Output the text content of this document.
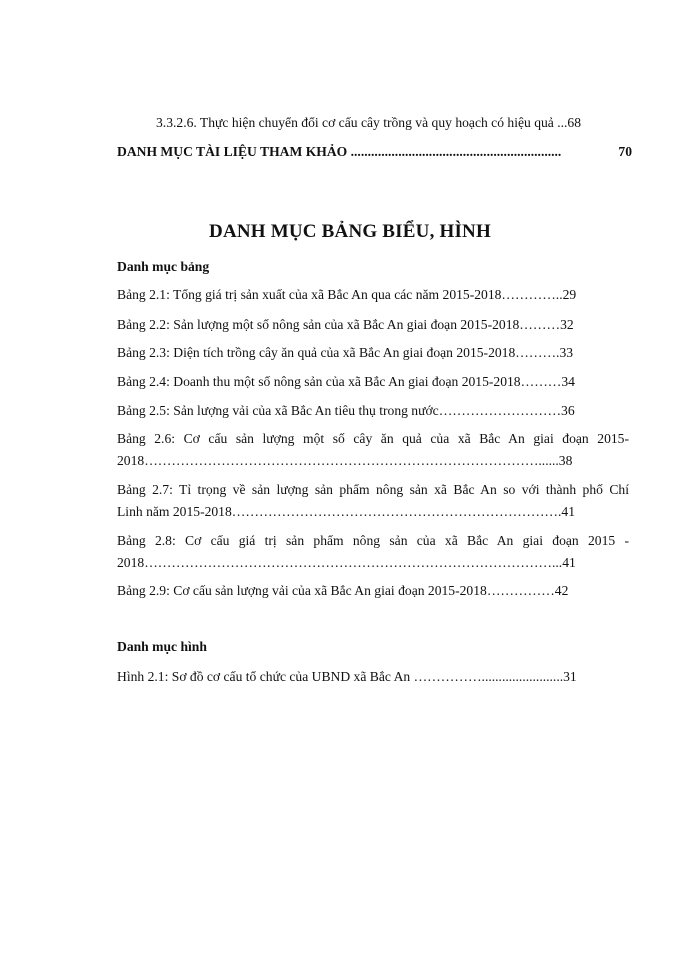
3.3.2.6. Thực hiện chuyển đổi cơ cấu cây trồng và quy hoạch có hiệu quả ...68
DANH MỤC TÀI LIỆU THAM KHẢO ..............................................................	70
DANH MỤC BẢNG BIỂU, HÌNH
Danh mục bảng
Bảng 2.1: Tổng giá trị sản xuất của xã Bắc An qua các năm 2015-2018…………..29
Bảng 2.2: Sản lượng một số nông sản của xã Bắc An giai đoạn 2015-2018………32
Bảng 2.3: Diện tích trồng cây ăn quả của xã Bắc An giai đoạn 2015-2018……….33
Bảng 2.4: Doanh thu một số nông sản của xã Bắc An giai đoạn 2015-2018………34
Bảng 2.5: Sản lượng vải của xã Bắc An tiêu thụ trong nước………………………36
Bảng 2.6: Cơ cấu sản lượng một số cây ăn quả của xã Bắc An giai đoạn 2015-
2018……………………………………………………………………………......38
Bảng 2.7: Tỉ trọng về sản lượng sản phẩm nông sản xã Bắc An so với thành phố Chí
Linh năm 2015-2018……………………………………………………………….41
Bảng 2.8: Cơ cấu giá trị sản phẩm nông sản của xã Bắc An giai đoạn 2015 -
2018………………………………………………………………………………...41
Bảng 2.9: Cơ cấu sản lượng vải của xã Bắc An giai đoạn 2015-2018……………42
Danh mục hình
Hình 2.1: Sơ đồ cơ cấu tổ chức của UBND xã Bắc An ……………........................31
